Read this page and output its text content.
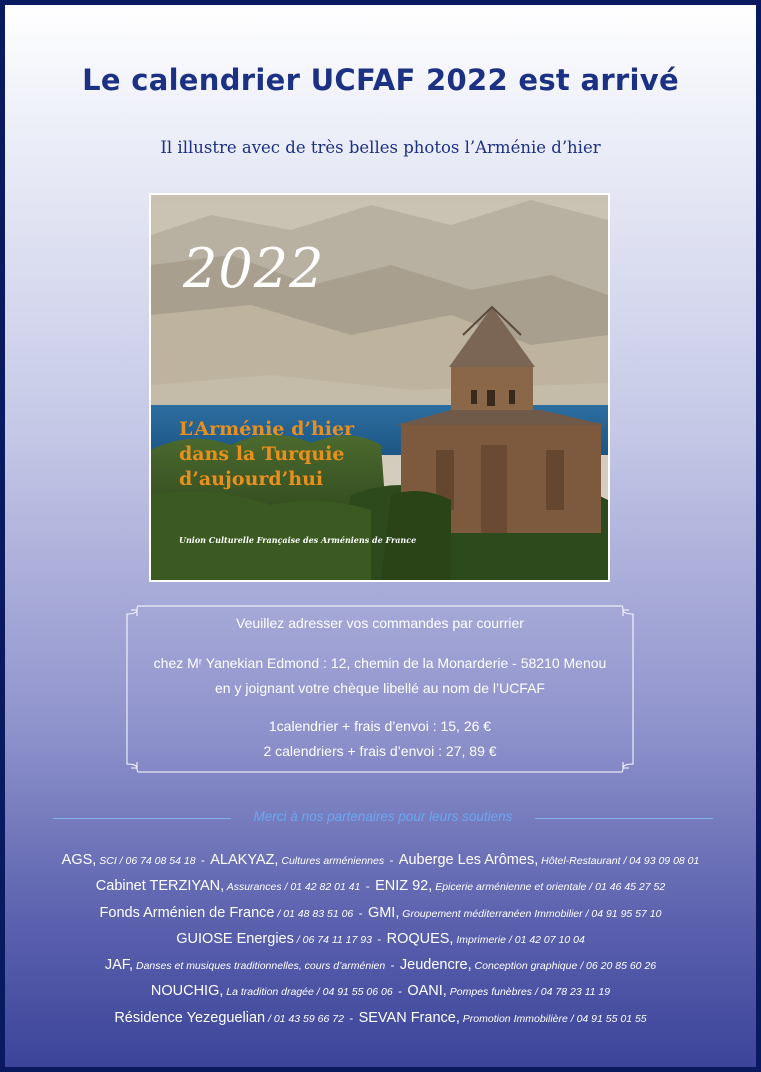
Le calendrier UCFAF 2022 est arrivé
Il illustre avec de très belles photos l’Arménie d’hier
2022
L’Arménie d’hier
dans la Turquie
d’aujourd’hui
Union Culturelle Française des Arméniens de France
Veuillez adresser vos commandes par courrier
chez Mʳ Yanekian Edmond : 12, chemin de la Monarderie - 58210 Menou
en y joignant votre chèque libellé au nom de l’UCFAF
1calendrier + frais d’envoi : 15, 26 €
2 calendriers + frais d’envoi : 27, 89 €
Merci à nos partenaires pour leurs soutiens
AGS, SCI / 06 74 08 54 18 - ALAKYAZ, Cultures arméniennes - Auberge Les Arômes, Hôtel-Restaurant / 04 93 09 08 01
Cabinet TERZIYAN, Assurances / 01 42 82 01 41 - ENIZ 92, Epicerie arménienne et orientale / 01 46 45 27 52
Fonds Arménien de France / 01 48 83 51 06 - GMI, Groupement méditerranéen Immobilier / 04 91 95 57 10
GUIOSE Energies / 06 74 11 17 93 - ROQUES, Imprimerie / 01 42 07 10 04
JAF, Danses et musiques traditionnelles, cours d’arménien - Jeudencre, Conception graphique / 06 20 85 60 26
NOUCHIG, La tradition dragée / 04 91 55 06 06 - OANI, Pompes funèbres / 04 78 23 11 19
Résidence Yezeguelian / 01 43 59 66 72 - SEVAN France, Promotion Immobilière / 04 91 55 01 55
